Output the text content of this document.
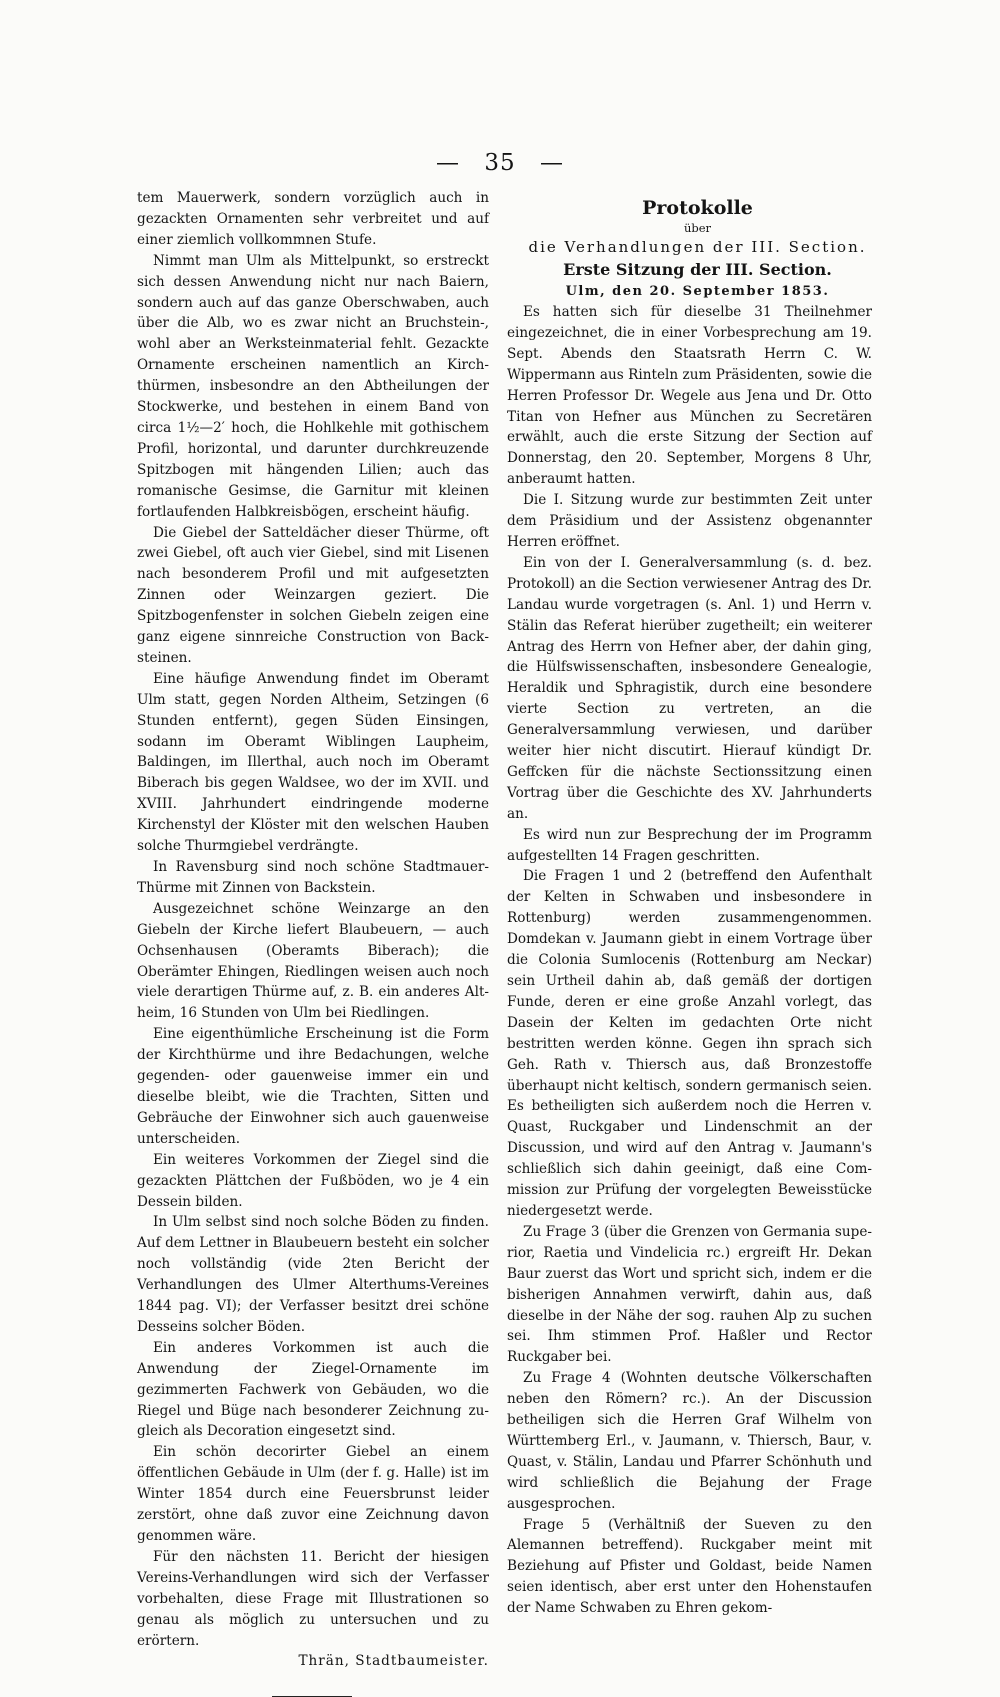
— 35 —

tem Mauerwerk, sondern vorzüglich auch in gezackten Ornamenten sehr verbreitet und auf einer ziemlich vollkommnen Stufe.

Nimmt man Ulm als Mittelpunkt, so erstreckt sich dessen Anwendung nicht nur nach Baiern, sondern auch auf das ganze Oberschwaben, auch über die Alb, wo es zwar nicht an Bruchstein-, wohl aber an Werksteinmaterial fehlt. Gezackte Ornamente erscheinen namentlich an Kirchthürmen, insbesondre an den Abtheilungen der Stockwerke, und bestehen in einem Band von circa 1½—2′ hoch, die Hohlkehle mit gothischem Profil, horizontal, und darunter durchkreuzende Spitzbogen mit hängenden Lilien; auch das romanische Gesimse, die Garnitur mit kleinen fortlaufenden Halbkreisbögen, erscheint häufig.

Die Giebel der Satteldächer dieser Thürme, oft zwei Giebel, oft auch vier Giebel, sind mit Lisenen nach besonderem Profil und mit aufgesetzten Zinnen oder Weinzargen geziert. Die Spitzbogenfenster in solchen Giebeln zeigen eine ganz eigene sinnreiche Construction von Backsteinen.

Eine häufige Anwendung findet im Oberamt Ulm statt, gegen Norden Altheim, Setzingen (6 Stunden entfernt), gegen Süden Einsingen, sodann im Oberamt Wiblingen Laupheim, Baldingen, im Illerthal, auch noch im Oberamt Biberach bis gegen Waldsee, wo der im XVII. und XVIII. Jahrhundert eindringende moderne Kirchenstyl der Klöster mit den welschen Hauben solche Thurmgiebel verdrängte.

In Ravensburg sind noch schöne Stadtmauer-Thürme mit Zinnen von Backstein.

Ausgezeichnet schöne Weinzarge an den Giebeln der Kirche liefert Blaubeuern, — auch Ochsenhausen (Oberamts Biberach); die Oberämter Ehingen, Riedlingen weisen auch noch viele derartigen Thürme auf, z. B. ein anderes Altheim, 16 Stunden von Ulm bei Riedlingen.

Eine eigenthümliche Erscheinung ist die Form der Kirchthürme und ihre Bedachungen, welche gegenden- oder gauenweise immer ein und dieselbe bleibt, wie die Trachten, Sitten und Gebräuche der Einwohner sich auch gauenweise unterscheiden.

Ein weiteres Vorkommen der Ziegel sind die gezackten Plättchen der Fußböden, wo je 4 ein Dessein bilden.

In Ulm selbst sind noch solche Böden zu finden. Auf dem Lettner in Blaubeuern besteht ein solcher noch vollständig (vide 2ten Bericht der Verhandlungen des Ulmer Alterthums-Vereines 1844 pag. VI); der Verfasser besitzt drei schöne Desseins solcher Böden.

Ein anderes Vorkommen ist auch die Anwendung der Ziegel-Ornamente im gezimmerten Fachwerk von Gebäuden, wo die Riegel und Büge nach besonderer Zeichnung zugleich als Decoration eingesetzt sind.

Ein schön decorirter Giebel an einem öffentlichen Gebäude in Ulm (der f. g. Halle) ist im Winter 1854 durch eine Feuersbrunst leider zerstört, ohne daß zuvor eine Zeichnung davon genommen wäre.

Für den nächsten 11. Bericht der hiesigen Vereins-Verhandlungen wird sich der Verfasser vorbehalten, diese Frage mit Illustrationen so genau als möglich zu untersuchen und zu erörtern.

Thrän, Stadtbaumeister.

Protokolle

über

die Verhandlungen der III. Section.

Erste Sitzung der III. Section.

Ulm, den 20. September 1853.

Es hatten sich für dieselbe 31 Theilnehmer eingezeichnet, die in einer Vorbesprechung am 19. Sept. Abends den Staatsrath Herrn C. W. Wippermann aus Rinteln zum Präsidenten, sowie die Herren Professor Dr. Wegele aus Jena und Dr. Otto Titan von Hefner aus München zu Secretären erwählt, auch die erste Sitzung der Section auf Donnerstag, den 20. September, Morgens 8 Uhr, anberaumt hatten.

Die I. Sitzung wurde zur bestimmten Zeit unter dem Präsidium und der Assistenz obgenannter Herren eröffnet.

Ein von der I. Generalversammlung (s. d. bez. Protokoll) an die Section verwiesener Antrag des Dr. Landau wurde vorgetragen (s. Anl. 1) und Herrn v. Stälin das Referat hierüber zugetheilt; ein weiterer Antrag des Herrn von Hefner aber, der dahin ging, die Hülfswissenschaften, insbesondere Genealogie, Heraldik und Sphragistik, durch eine besondere vierte Section zu vertreten, an die Generalversammlung verwiesen, und darüber weiter hier nicht discutirt. Hierauf kündigt Dr. Geffcken für die nächste Sectionssitzung einen Vortrag über die Geschichte des XV. Jahrhunderts an.

Es wird nun zur Besprechung der im Programm aufgestellten 14 Fragen geschritten.

Die Fragen 1 und 2 (betreffend den Aufenthalt der Kelten in Schwaben und insbesondere in Rottenburg) werden zusammengenommen. Domdekan v. Jaumann giebt in einem Vortrage über die Colonia Sumlocenis (Rottenburg am Neckar) sein Urtheil dahin ab, daß gemäß der dortigen Funde, deren er eine große Anzahl vorlegt, das Dasein der Kelten im gedachten Orte nicht bestritten werden könne. Gegen ihn sprach sich Geh. Rath v. Thiersch aus, daß Bronzestoffe überhaupt nicht keltisch, sondern germanisch seien. Es betheiligten sich außerdem noch die Herren v. Quast, Ruckgaber und Lindenschmit an der Discussion, und wird auf den Antrag v. Jaumann's schließlich sich dahin geeinigt, daß eine Commission zur Prüfung der vorgelegten Beweisstücke niedergesetzt werde.

Zu Frage 3 (über die Grenzen von Germania superior, Raetia und Vindelicia rc.) ergreift Hr. Dekan Baur zuerst das Wort und spricht sich, indem er die bisherigen Annahmen verwirft, dahin aus, daß dieselbe in der Nähe der sog. rauhen Alp zu suchen sei. Ihm stimmen Prof. Haßler und Rector Ruckgaber bei.

Zu Frage 4 (Wohnten deutsche Völkerschaften neben den Römern? rc.). An der Discussion betheiligen sich die Herren Graf Wilhelm von Württemberg Erl., v. Jaumann, v. Thiersch, Baur, v. Quast, v. Stälin, Landau und Pfarrer Schönhuth und wird schließlich die Bejahung der Frage ausgesprochen.

Frage 5 (Verhältniß der Sueven zu den Alemannen betreffend). Ruckgaber meint mit Beziehung auf Pfister und Goldast, beide Namen seien identisch, aber erst unter den Hohenstaufen der Name Schwaben zu Ehren gekom-
